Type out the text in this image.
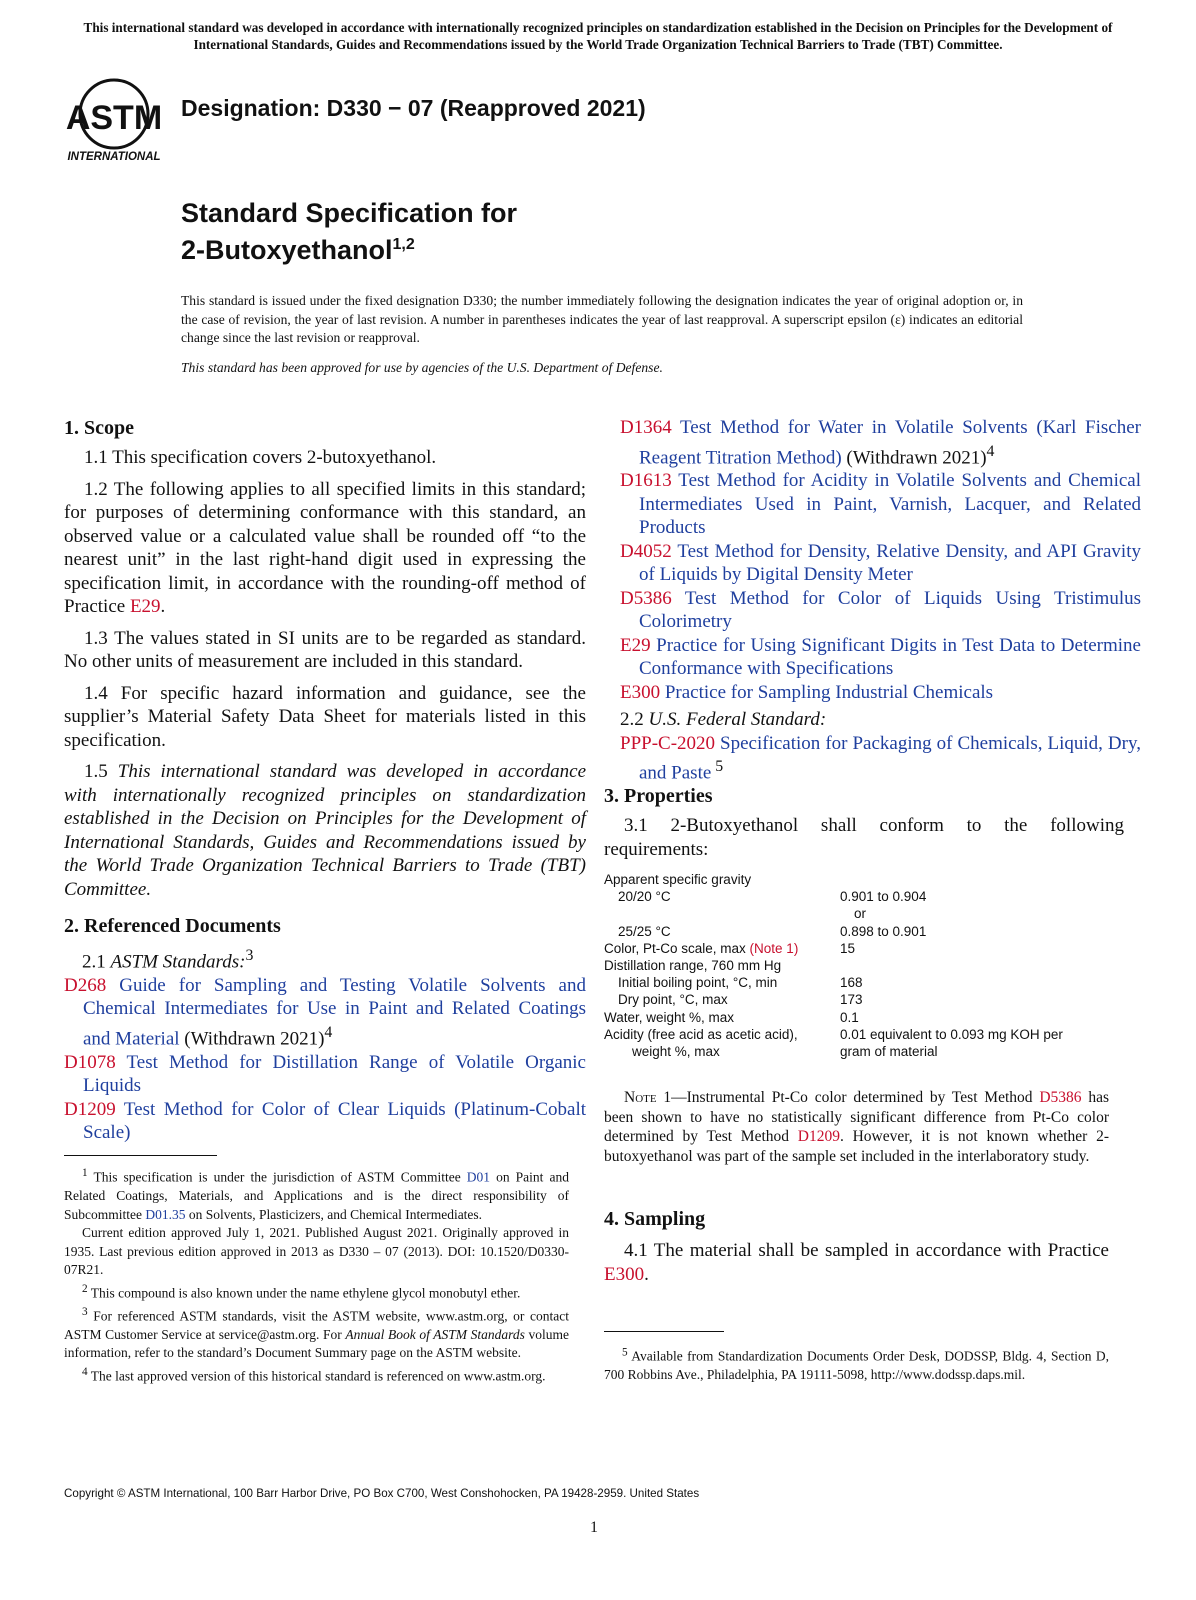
This international standard was developed in accordance with internationally recognized principles on standardization established in the Decision on Principles for the Development of International Standards, Guides and Recommendations issued by the World Trade Organization Technical Barriers to Trade (TBT) Committee.
ASTM
INTERNATIONAL
Designation: D330 − 07 (Reapproved 2021)
Standard Specification for
2-Butoxyethanol$^{1,2}$
This standard is issued under the fixed designation D330; the number immediately following the designation indicates the year of original adoption or, in the case of revision, the year of last revision. A number in parentheses indicates the year of last reapproval. A superscript epsilon (ε) indicates an editorial change since the last revision or reapproval.
This standard has been approved for use by agencies of the U.S. Department of Defense.
1. Scope

1.1 This specification covers 2-butoxyethanol.

1.2 The following applies to all specified limits in this standard; for purposes of determining conformance with this standard, an observed value or a calculated value shall be rounded off “to the nearest unit” in the last right-hand digit used in expressing the specification limit, in accordance with the rounding-off method of Practice E29.

1.3 The values stated in SI units are to be regarded as standard. No other units of measurement are included in this standard.

1.4 For specific hazard information and guidance, see the supplier’s Material Safety Data Sheet for materials listed in this specification.

1.5 This international standard was developed in accordance with internationally recognized principles on standardization established in the Decision on Principles for the Development of International Standards, Guides and Recommendations issued by the World Trade Organization Technical Barriers to Trade (TBT) Committee.

2. Referenced Documents

2.1 ASTM Standards:$^3$

D268 Guide for Sampling and Testing Volatile Solvents and Chemical Intermediates for Use in Paint and Related Coatings and Material (Withdrawn 2021)$^4$

D1078 Test Method for Distillation Range of Volatile Organic Liquids

D1209 Test Method for Color of Clear Liquids (Platinum-Cobalt Scale)

$^1$ This specification is under the jurisdiction of ASTM Committee D01 on Paint and Related Coatings, Materials, and Applications and is the direct responsibility of Subcommittee D01.35 on Solvents, Plasticizers, and Chemical Intermediates.
Current edition approved July 1, 2021. Published August 2021. Originally approved in 1935. Last previous edition approved in 2013 as D330 – 07 (2013). DOI: 10.1520/D0330-07R21.
$^2$ This compound is also known under the name ethylene glycol monobutyl ether.
$^3$ For referenced ASTM standards, visit the ASTM website, www.astm.org, or contact ASTM Customer Service at service@astm.org. For Annual Book of ASTM Standards volume information, refer to the standard’s Document Summary page on the ASTM website.
$^4$ The last approved version of this historical standard is referenced on www.astm.org.

D1364 Test Method for Water in Volatile Solvents (Karl Fischer Reagent Titration Method) (Withdrawn 2021)$^4$

D1613 Test Method for Acidity in Volatile Solvents and Chemical Intermediates Used in Paint, Varnish, Lacquer, and Related Products

D4052 Test Method for Density, Relative Density, and API Gravity of Liquids by Digital Density Meter

D5386 Test Method for Color of Liquids Using Tristimulus Colorimetry

E29 Practice for Using Significant Digits in Test Data to Determine Conformance with Specifications

E300 Practice for Sampling Industrial Chemicals

2.2 U.S. Federal Standard:

PPP-C-2020 Specification for Packaging of Chemicals, Liquid, Dry, and Paste $^5$

3. Properties

3.1 2-Butoxyethanol shall conform to the following requirements:

Apparent specific gravity	
20/20 °C	0.901 to 0.904
	or
25/25 °C	0.898 to 0.901
Color, Pt-Co scale, max (Note 1)	15
Distillation range, 760 mm Hg	
Initial boiling point, °C, min	168
Dry point, °C, max	173
Water, weight %, max	0.1
Acidity (free acid as acetic acid),	0.01 equivalent to 0.093 mg KOH per
weight %, max	gram of material
Note 1—Instrumental Pt-Co color determined by Test Method D5386 has been shown to have no statistically significant difference from Pt-Co color determined by Test Method D1209. However, it is not known whether 2-butoxyethanol was part of the sample set included in the interlaboratory study.
4. Sampling

4.1 The material shall be sampled in accordance with Practice E300.

$^5$ Available from Standardization Documents Order Desk, DODSSP, Bldg. 4, Section D, 700 Robbins Ave., Philadelphia, PA 19111-5098, http://www.dodssp.daps.mil.
Copyright © ASTM International, 100 Barr Harbor Drive, PO Box C700, West Conshohocken, PA 19428-2959. United States
1
